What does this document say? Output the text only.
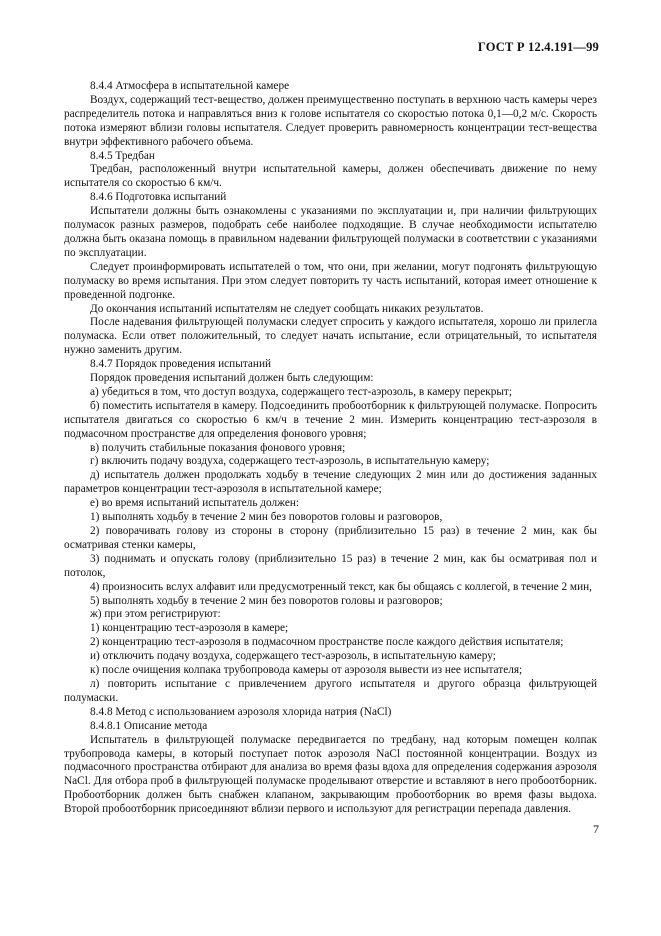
ГОСТ Р 12.4.191—99

8.4.4 Атмосфера в испытательной камере

Воздух, содержащий тест-вещество, должен преимущественно поступать в верхнюю часть камеры через распределитель потока и направляться вниз к голове испытателя со скоростью потока 0,1—0,2 м/с. Скорость потока измеряют вблизи головы испытателя. Следует проверить равномерность концентрации тест-вещества внутри эффективного рабочего объема.

8.4.5 Тредбан

Тредбан, расположенный внутри испытательной камеры, должен обеспечивать движение по нему испытателя со скоростью 6 км/ч.

8.4.6 Подготовка испытаний

Испытатели должны быть ознакомлены с указаниями по эксплуатации и, при наличии фильтрующих полумасок разных размеров, подобрать себе наиболее подходящие. В случае необходимости испытателю должна быть оказана помощь в правильном надевании фильтрующей полумаски в соответствии с указаниями по эксплуатации.

Следует проинформировать испытателей о том, что они, при желании, могут подгонять фильтрующую полумаску во время испытания. При этом следует повторить ту часть испытаний, которая имеет отношение к проведенной подгонке.

До окончания испытаний испытателям не следует сообщать никаких результатов.

После надевания фильтрующей полумаски следует спросить у каждого испытателя, хорошо ли прилегла полумаска. Если ответ положительный, то следует начать испытание, если отрицательный, то испытателя нужно заменить другим.

8.4.7 Порядок проведения испытаний

Порядок проведения испытаний должен быть следующим:

а) убедиться в том, что доступ воздуха, содержащего тест-аэрозоль, в камеру перекрыт;

б) поместить испытателя в камеру. Подсоединить пробоотборник к фильтрующей полумаске. Попросить испытателя двигаться со скоростью 6 км/ч в течение 2 мин. Измерить концентрацию тест-аэрозоля в подмасочном пространстве для определения фонового уровня;

в) получить стабильные показания фонового уровня;

г) включить подачу воздуха, содержащего тест-аэрозоль, в испытательную камеру;

д) испытатель должен продолжать ходьбу в течение следующих 2 мин или до достижения заданных параметров концентрации тест-аэрозоля в испытательной камере;

е) во время испытаний испытатель должен:

1) выполнять ходьбу в течение 2 мин без поворотов головы и разговоров,

2) поворачивать голову из стороны в сторону (приблизительно 15 раз) в течение 2 мин, как бы осматривая стенки камеры,

3) поднимать и опускать голову (приблизительно 15 раз) в течение 2 мин, как бы осматривая пол и потолок,

4) произносить вслух алфавит или предусмотренный текст, как бы общаясь с коллегой, в течение 2 мин,

5) выполнять ходьбу в течение 2 мин без поворотов головы и разговоров;

ж) при этом регистрируют:

1) концентрацию тест-аэрозоля в камере;

2) концентрацию тест-аэрозоля в подмасочном пространстве после каждого действия испытателя;

и) отключить подачу воздуха, содержащего тест-аэрозоль, в испытательную камеру;

к) после очищения колпака трубопровода камеры от аэрозоля вывести из нее испытателя;

л) повторить испытание с привлечением другого испытателя и другого образца фильтрующей полумаски.

8.4.8 Метод с использованием аэрозоля хлорида натрия (NaCl)

8.4.8.1 Описание метода

Испытатель в фильтрующей полумаске передвигается по тредбану, над которым помещен колпак трубопровода камеры, в который поступает поток аэрозоля NaCl постоянной концентрации. Воздух из подмасочного пространства отбирают для анализа во время фазы вдоха для определения содержания аэрозоля NaCl. Для отбора проб в фильтрующей полумаске проделывают отверстие и вставляют в него пробоотборник. Пробоотборник должен быть снабжен клапаном, закрывающим пробоотборник во время фазы выдоха. Второй пробоотборник присоединяют вблизи первого и используют для регистрации перепада давления.

7
